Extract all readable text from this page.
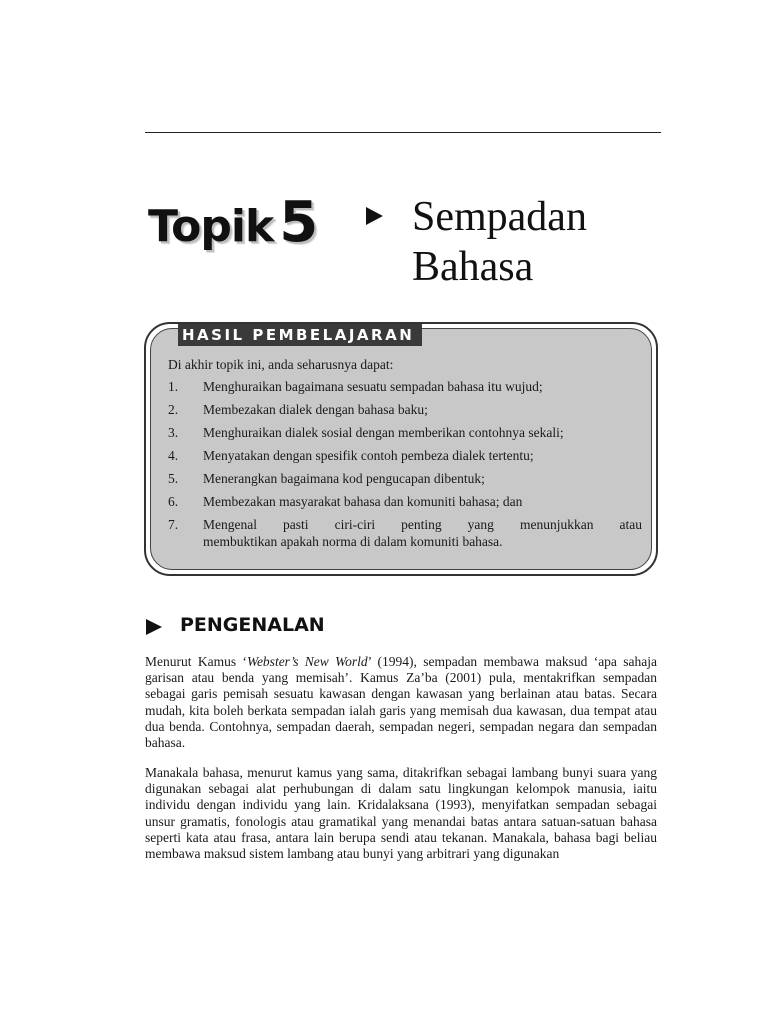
Topik 5 Sempadan
Bahasa
HASIL PEMBELAJARAN
Di akhir topik ini, anda seharusnya dapat:
1. Menghuraikan bagaimana sesuatu sempadan bahasa itu wujud;
2. Membezakan dialek dengan bahasa baku;
3. Menghuraikan dialek sosial dengan memberikan contohnya sekali;
4. Menyatakan dengan spesifik contoh pembeza dialek tertentu;
5. Menerangkan bagaimana kod pengucapan dibentuk;
6. Membezakan masyarakat bahasa dan komuniti bahasa; dan
7. Mengenal pasti ciri-ciri penting yang menunjukkan atau
membuktikan apakah norma di dalam komuniti bahasa.
PENGENALAN

Menurut Kamus ‘Webster’s New World’ (1994), sempadan membawa maksud ‘apa sahaja garisan atau benda yang memisah’. Kamus Za’ba (2001) pula, mentakrifkan sempadan sebagai garis pemisah sesuatu kawasan dengan kawasan yang berlainan atau batas. Secara mudah, kita boleh berkata sempadan ialah garis yang memisah dua kawasan, dua tempat atau dua benda. Contohnya, sempadan daerah, sempadan negeri, sempadan negara dan sempadan bahasa.

Manakala bahasa, menurut kamus yang sama, ditakrifkan sebagai lambang bunyi suara yang digunakan sebagai alat perhubungan di dalam satu lingkungan kelompok manusia, iaitu individu dengan individu yang lain. Kridalaksana (1993), menyifatkan sempadan sebagai unsur gramatis, fonologis atau gramatikal yang menandai batas antara satuan-satuan bahasa seperti kata atau frasa, antara lain berupa sendi atau tekanan. Manakala, bahasa bagi beliau membawa maksud sistem lambang atau bunyi yang arbitrari yang digunakan
